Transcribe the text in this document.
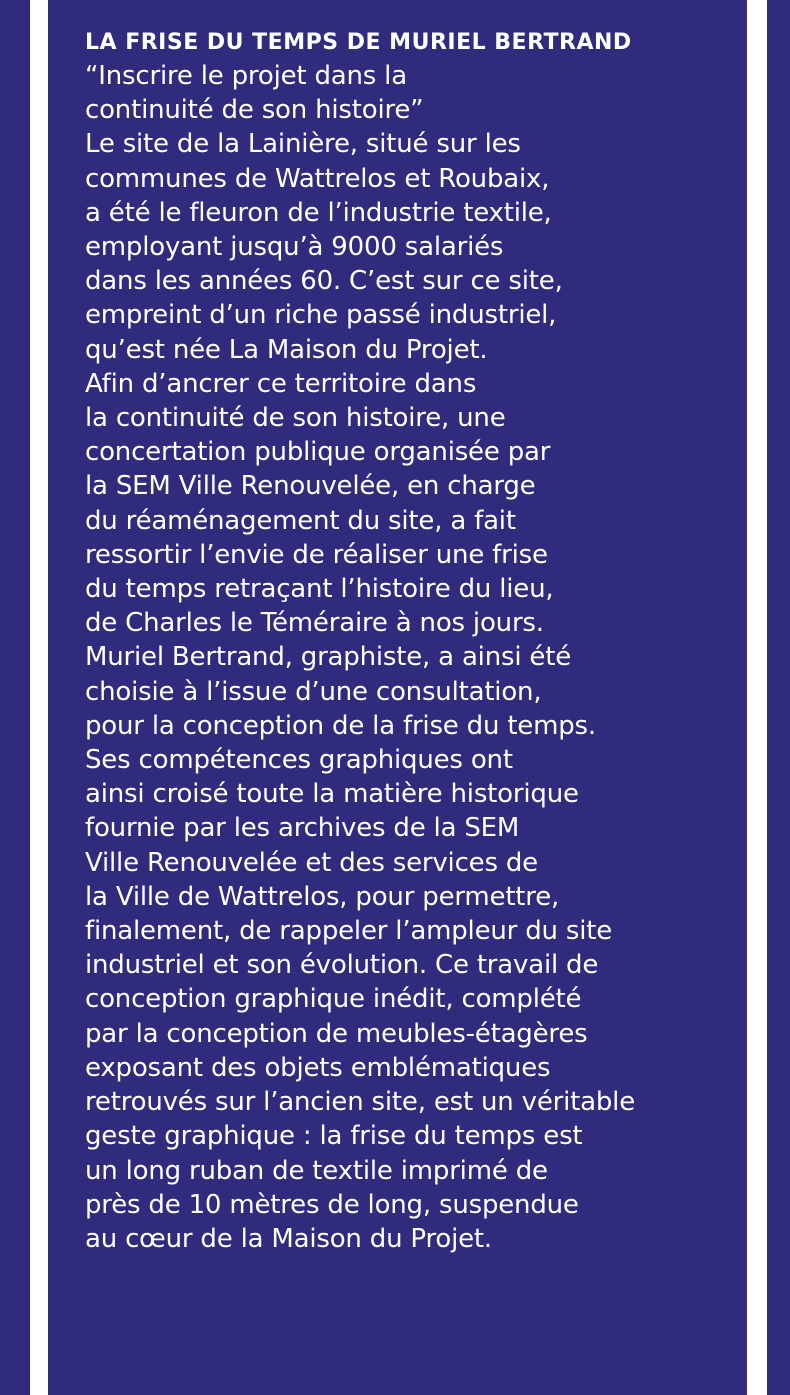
LA FRISE DU TEMPS DE MURIEL BERTRAND

“Inscrire le projet dans la

continuité de son histoire”

Le site de la Lainière, situé sur les

communes de Wattrelos et Roubaix,

a été le fleuron de l’industrie textile,

employant jusqu’à 9000 salariés

dans les années 60. C’est sur ce site,

empreint d’un riche passé industriel,

qu’est née La Maison du Projet.

Afin d’ancrer ce territoire dans

la continuité de son histoire, une

concertation publique organisée par

la SEM Ville Renouvelée, en charge

du réaménagement du site, a fait

ressortir l’envie de réaliser une frise

du temps retraçant l’histoire du lieu,

de Charles le Téméraire à nos jours.

Muriel Bertrand, graphiste, a ainsi été

choisie à l’issue d’une consultation,

pour la conception de la frise du temps.

Ses compétences graphiques ont

ainsi croisé toute la matière historique

fournie par les archives de la SEM

Ville Renouvelée et des services de

la Ville de Wattrelos, pour permettre,

finalement, de rappeler l’ampleur du site

industriel et son évolution. Ce travail de

conception graphique inédit, complété

par la conception de meubles-étagères

exposant des objets emblématiques

retrouvés sur l’ancien site, est un véritable

geste graphique : la frise du temps est

un long ruban de textile imprimé de

près de 10 mètres de long, suspendue

au cœur de la Maison du Projet.
